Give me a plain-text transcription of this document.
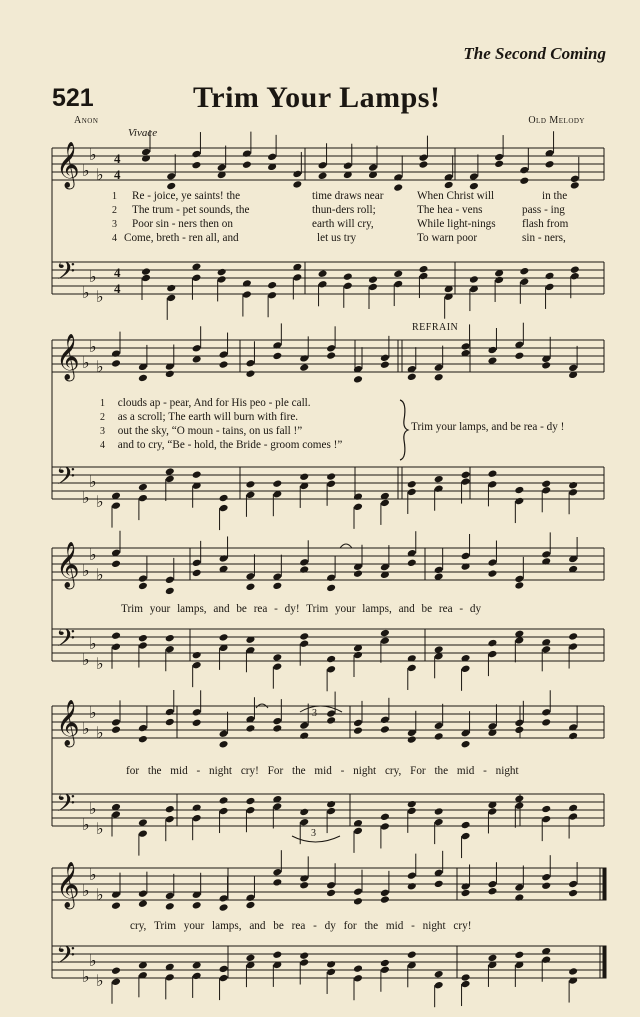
The Second Coming
521	Trim Your Lamps!
Anon	Old Melody
Vivace
REFRAIN
1 Re - joice, ye saints! the	time draws near	When Christ will	in the
2 The trum - pet sounds, the	thun-ders roll;	The hea - vens	pass - ing
3 Poor sin - ners then on	earth will cry,	While light-nings flash from
4 Come, breth - ren all, and	let us try	To warn poor	sin - ners,
1 clouds ap - pear, And for His peo - ple call.
2 as a scroll; The earth will burn with fire.
3 out the sky, “O moun - tains, on us fall !”
4 and to cry, “Be - hold, the Bride - groom comes !”
Trim your lamps, and be rea - dy !
Trim your lamps, and be rea - dy! Trim your lamps, and be rea - dy
for the mid - night cry! For the mid - night cry, For the mid - night
cry, Trim your lamps, and be rea - dy for the mid - night cry!
𝄞
𝄢
♭
♭
♭
♭
♭
♭
𝄞
𝄢
♭
♭
♭
♭
♭
♭
𝄞
𝄢
♭
♭
♭
♭
♭
♭
𝄞
𝄢
♭
♭
♭
♭
♭
♭
𝄞
𝄢
♭
♭
♭
♭
♭
♭
4
4
4
4
3
3
